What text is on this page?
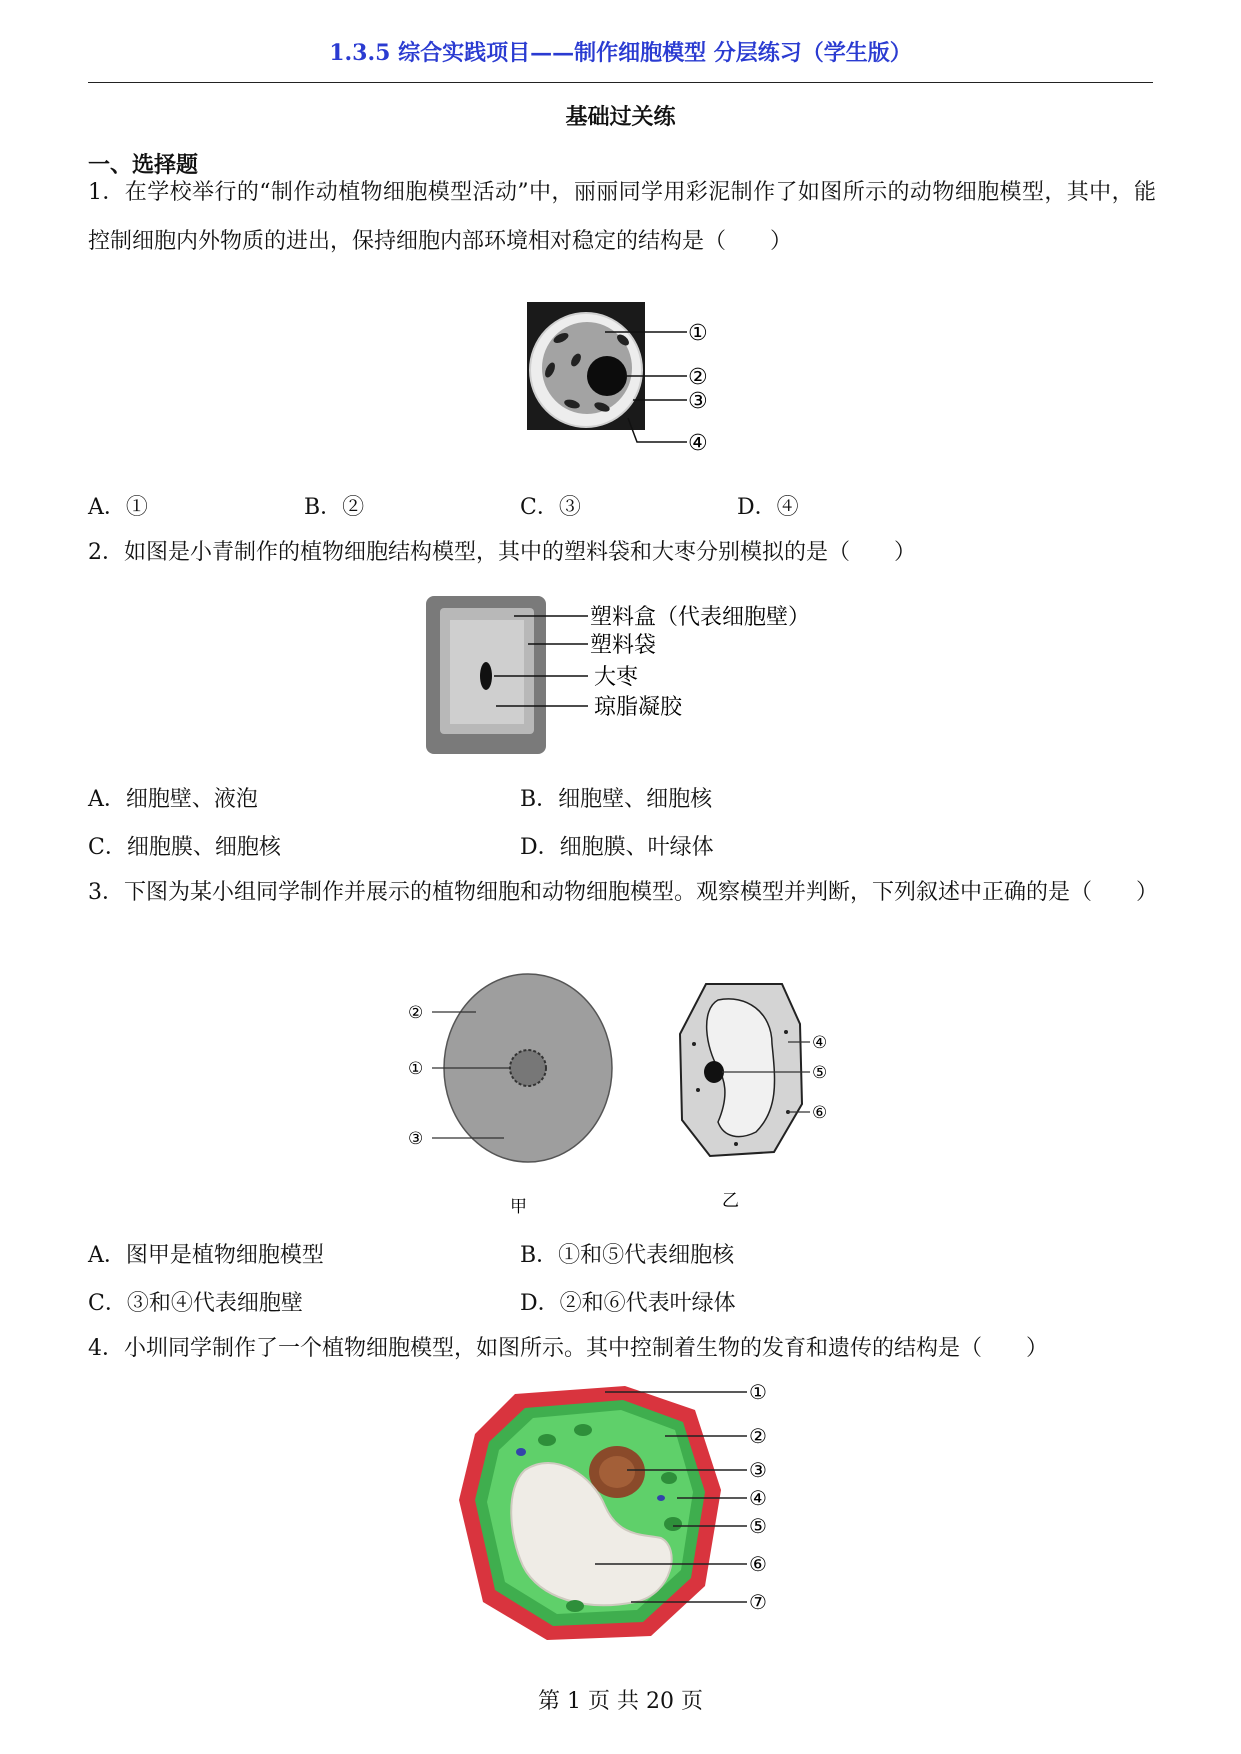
1.3.5 综合实践项目——制作细胞模型 分层练习（学生版）
基础过关练
一、选择题
1．在学校举行的“制作动植物细胞模型活动”中，丽丽同学用彩泥制作了如图所示的动物细胞模型，其中，能控制细胞内外物质的进出，保持细胞内部环境相对稳定的结构是（　　）
①
②
③
④
A．①	B．②	C．③	D．④
2．如图是小青制作的植物细胞结构模型，其中的塑料袋和大枣分别模拟的是（　　）
塑料盒（代表细胞壁）
塑料袋
大枣
琼脂凝胶
A．细胞壁、液泡	B．细胞壁、细胞核
C．细胞膜、细胞核	D．细胞膜、叶绿体
3．下图为某小组同学制作并展示的植物细胞和动物细胞模型。观察模型并判断，下列叙述中正确的是（　　）
②
①
③
甲
④
⑤
⑥
乙
A．图甲是植物细胞模型	B．①和⑤代表细胞核
C．③和④代表细胞壁	D．②和⑥代表叶绿体
4．小圳同学制作了一个植物细胞模型，如图所示。其中控制着生物的发育和遗传的结构是（　　）
①
②
③
④
⑤
⑥
⑦
第 1 页 共 20 页
